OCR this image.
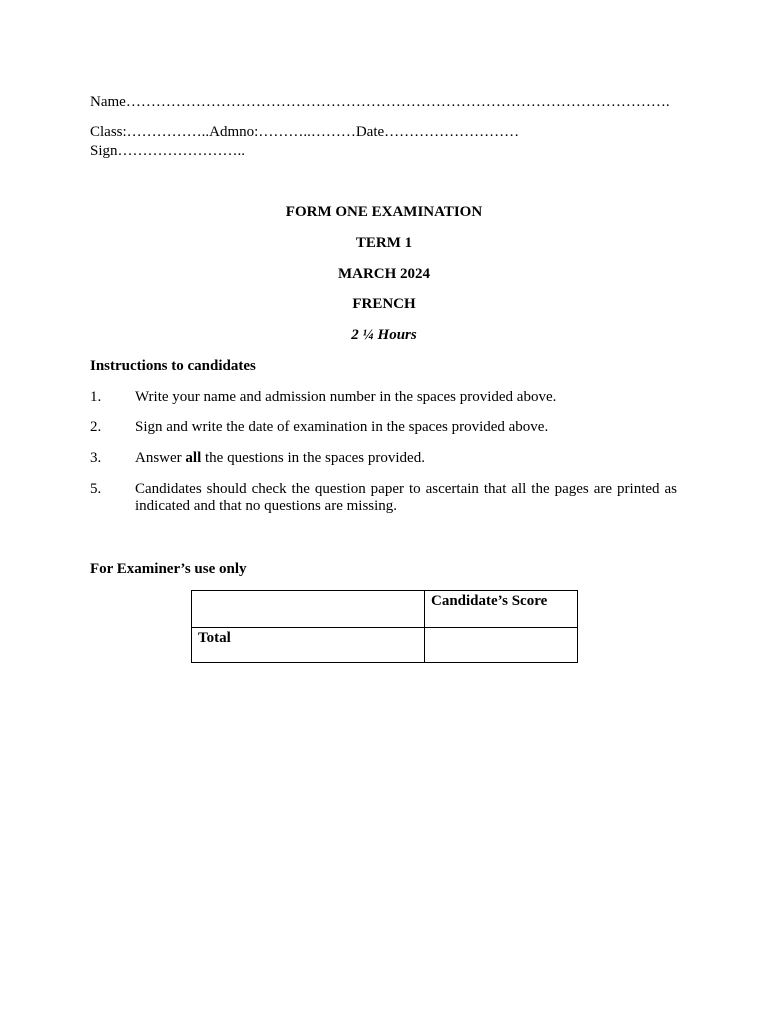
Name……………………………………………………………………………………………….
Class:……………..Admno:………..………Date………………………
Sign……………………..
FORM ONE EXAMINATION
TERM 1
MARCH 2024
FRENCH
2 ¼ Hours
Instructions to candidates
1. Write your name and admission number in the spaces provided above.
2. Sign and write the date of examination in the spaces provided above.
3. Answer all the questions in the spaces provided.
5. Candidates should check the question paper to ascertain that all the pages are printed as indicated and that no questions are missing.
For Examiner’s use only
	Candidate’s Score
Total	
